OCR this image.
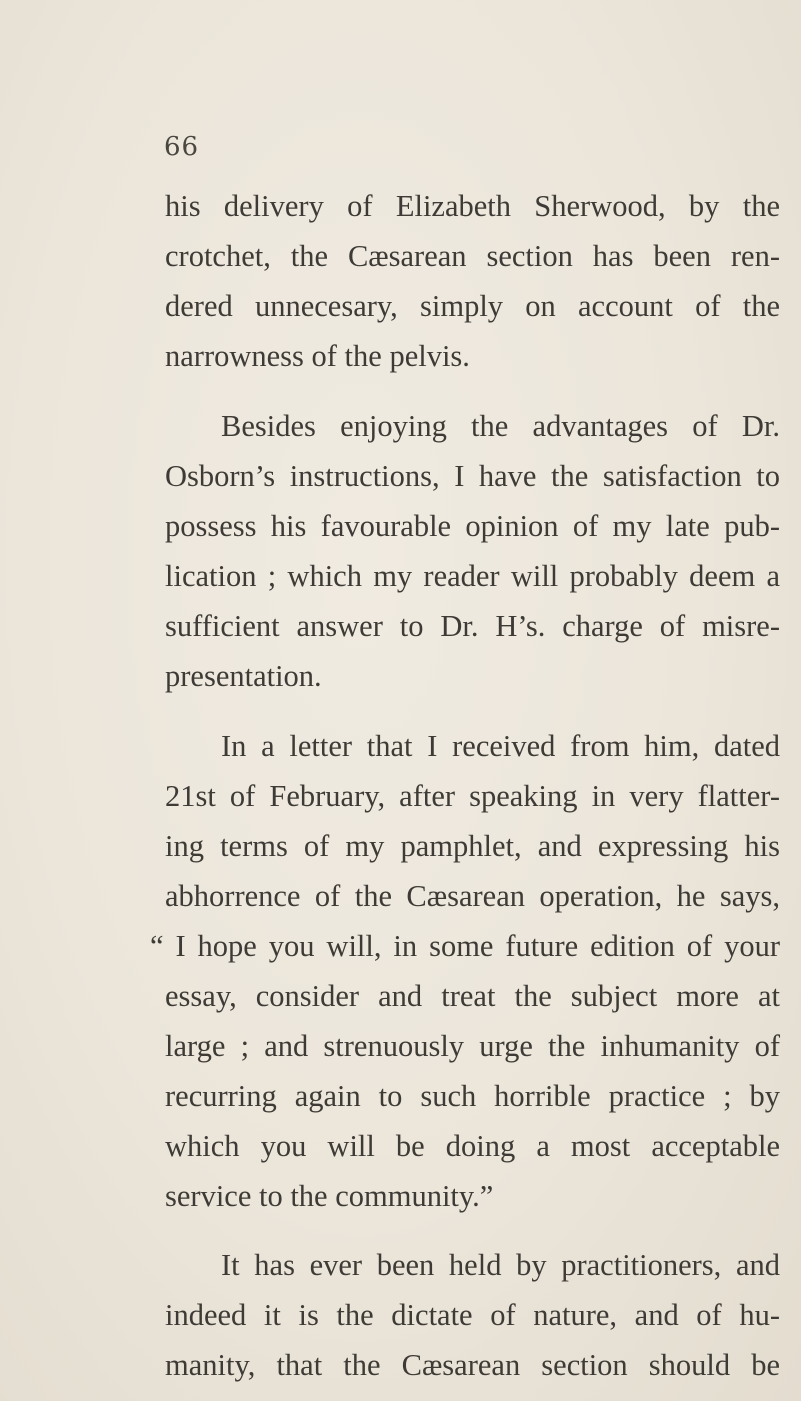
66
his delivery of Elizabeth Sherwood, by the
crotchet, the Cæsarean section has been ren-
dered unnecesary, simply on account of the
narrowness of the pelvis.
Besides enjoying the advantages of Dr.
Osborn’s instructions, I have the satisfaction to
possess his favourable opinion of my late pub-
lication ; which my reader will probably deem a
sufficient answer to Dr. H’s. charge of misre-
presentation.
In a letter that I received from him, dated
21st of February, after speaking in very flatter-
ing terms of my pamphlet, and expressing his
abhorrence of the Cæsarean operation, he says,
“ I hope you will, in some future edition of your
essay, consider and treat the subject more at
large ; and strenuously urge the inhumanity of
recurring again to such horrible practice ; by
which you will be doing a most acceptable
service to the community.”
It has ever been held by practitioners, and
indeed it is the dictate of nature, and of hu-
manity, that the Cæsarean section should be
